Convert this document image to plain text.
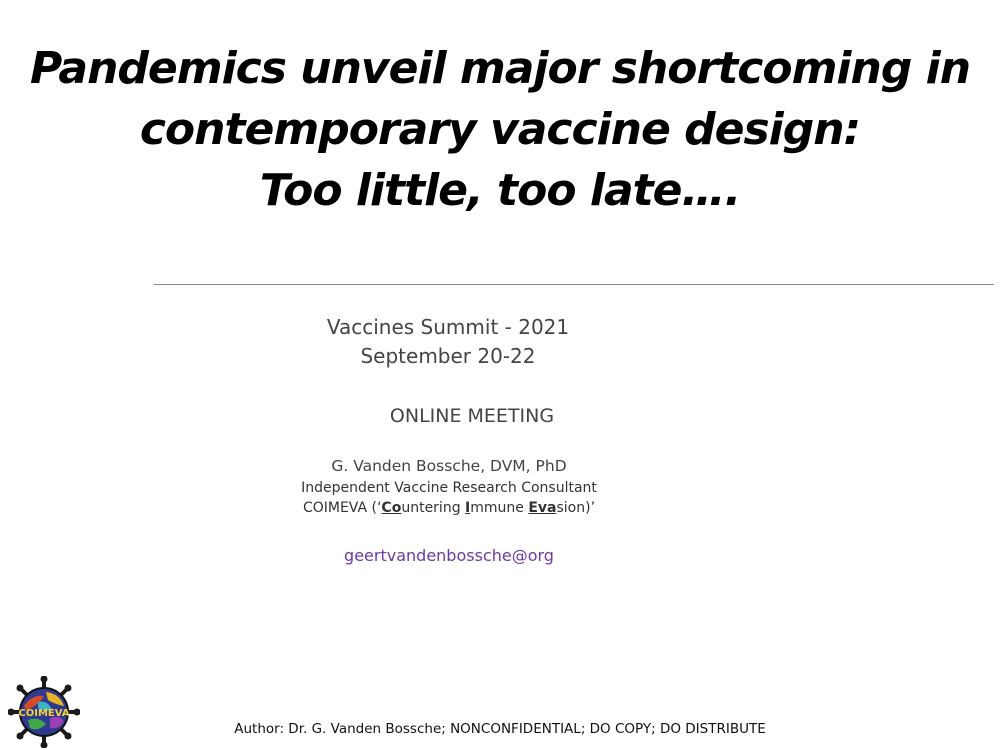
Pandemics unveil major shortcoming in
contemporary vaccine design:
Too little, too late….
Vaccines Summit - 2021
September 20-22
ONLINE MEETING
G. Vanden Bossche, DVM, PhD
Independent Vaccine Research Consultant
COIMEVA (‘Countering Immune Evasion)’
geertvandenbossche@org
COIMEVA
Author: Dr. G. Vanden Bossche; NONCONFIDENTIAL; DO COPY; DO DISTRIBUTE
